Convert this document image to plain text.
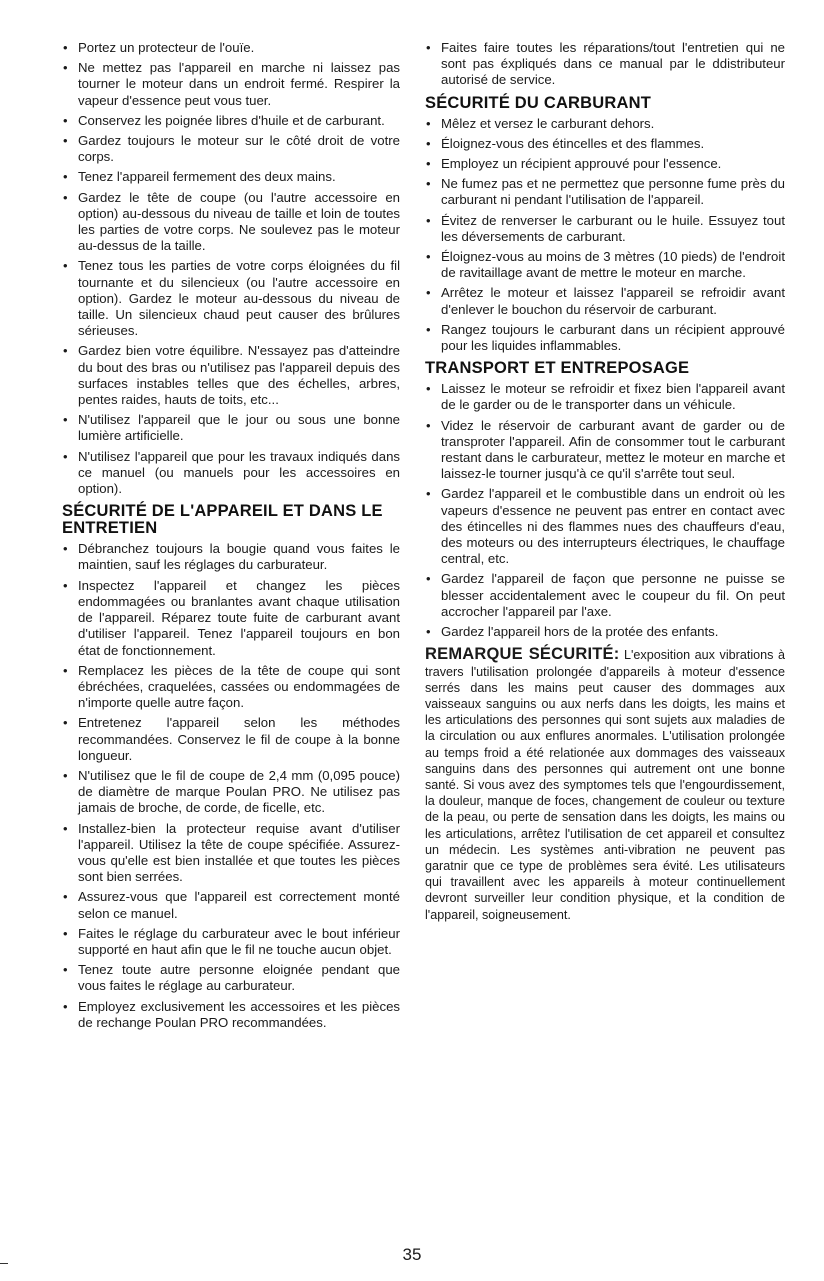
• Portez un protecteur de l'ouïe.
• Ne mettez pas l'appareil en marche ni laissez pas tourner le moteur dans un endroit fermé. Respirer la vapeur d'essence peut vous tuer.
• Conservez les poignée libres d'huile et de carburant.
• Gardez toujours le moteur sur le côté droit de votre corps.
• Tenez l'appareil fermement des deux mains.
• Gardez le tête de coupe (ou l'autre accessoire en option) au-dessous du niveau de taille et loin de toutes les parties de votre corps. Ne soulevez pas le moteur au-dessus de la taille.
• Tenez tous les parties de votre corps éloignées du fil tournante et du silencieux (ou l'autre accessoire en option). Gardez le moteur au-dessous du niveau de taille. Un silencieux chaud peut causer des brûlures sérieuses.
• Gardez bien votre équilibre. N'essayez pas d'atteindre du bout des bras ou n'utilisez pas l'appareil depuis des surfaces instables telles que des échelles, arbres, pentes raides, hauts de toits, etc...
• N'utilisez l'appareil que le jour ou sous une bonne lumière artificielle.
• N'utilisez l'appareil que pour les travaux indiqués dans ce manuel (ou manuels pour les accessoires en option).
SÉCURITÉ DE L'APPAREIL ET DANS LE ENTRETIEN
• Débranchez toujours la bougie quand vous faites le maintien, sauf les réglages du carburateur.
• Inspectez l'appareil et changez les pièces endommagées ou branlantes avant chaque utilisation de l'appareil. Réparez toute fuite de carburant avant d'utiliser l'appareil. Tenez l'appareil toujours en bon état de fonctionnement.
• Remplacez les pièces de la tête de coupe qui sont ébréchées, craquelées, cassées ou endommagées de n'importe quelle autre façon.
• Entretenez l'appareil selon les méthodes recommandées. Conservez le fil de coupe à la bonne longueur.
• N'utilisez que le fil de coupe de 2,4 mm (0,095 pouce) de diamètre de marque Poulan PRO. Ne utilisez pas jamais de broche, de corde, de ficelle, etc.
• Installez-bien la protecteur requise avant d'utiliser l'appareil. Utilisez la tête de coupe spécifiée. Assurez-vous qu'elle est bien installée et que toutes les pièces sont bien serrées.
• Assurez-vous que l'appareil est correctement monté selon ce manuel.
• Faites le réglage du carburateur avec le bout inférieur supporté en haut afin que le fil ne touche aucun objet.
• Tenez toute autre personne eloignée pendant que vous faites le réglage au carburateur.
• Employez exclusivement les accessoires et les pièces de rechange Poulan PRO recommandées.
• Faites faire toutes les réparations/tout l'entretien qui ne sont pas éxpliqués dans ce manual par le ddistributeur autorisé de service.
SÉCURITÉ DU CARBURANT
• Mêlez et versez le carburant dehors.
• Éloignez-vous des étincelles et des flammes.
• Employez un récipient approuvé pour l'essence.
• Ne fumez pas et ne permettez que personne fume près du carburant ni pendant l'utilisation de l'appareil.
• Évitez de renverser le carburant ou le huile. Essuyez tout les déversements de carburant.
• Éloignez-vous au moins de 3 mètres (10 pieds) de l'endroit de ravitaillage avant de mettre le moteur en marche.
• Arrêtez le moteur et laissez l'appareil se refroidir avant d'enlever le bouchon du réservoir de carburant.
• Rangez toujours le carburant dans un récipient approuvé pour les liquides inflammables.
TRANSPORT ET ENTREPOSAGE
• Laissez le moteur se refroidir et fixez bien l'appareil avant de le garder ou de le transporter dans un véhicule.
• Videz le réservoir de carburant avant de garder ou de transproter l'appareil. Afin de consommer tout le carburant restant dans le carburateur, mettez le moteur en marche et laissez-le tourner jusqu'à ce qu'il s'arrête tout seul.
• Gardez l'appareil et le combustible dans un endroit où les vapeurs d'essence ne peuvent pas entrer en contact avec des étincelles ni des flammes nues des chauffeurs d'eau, des moteurs ou des interrupteurs électriques, le chauffage central, etc.
• Gardez l'appareil de façon que personne ne puisse se blesser accidentalement avec le coupeur du fil. On peut accrocher l'appareil par l'axe.
• Gardez l'appareil hors de la protée des enfants.

REMARQUE SÉCURITÉ: L'exposition aux vibrations à travers l'utilisation prolongée d'appareils à moteur d'essence serrés dans les mains peut causer des dommages aux vaisseaux sanguins ou aux nerfs dans les doigts, les mains et les articulations des personnes qui sont sujets aux maladies de la circulation ou aux enflures anormales. L'utilisation prolongée au temps froid a été relationée aux dommages des vaisseaux sanguins dans des personnes qui autrement ont une bonne santé. Si vous avez des symptomes tels que l'engourdissement, la douleur, manque de foces, changement de couleur ou texture de la peau, ou perte de sensation dans les doigts, les mains ou les articulations, arrêtez l'utilisation de cet appareil et consultez un médecin. Les systèmes anti-vibration ne peuvent pas garatnir que ce type de problèmes sera évité. Les utilisateurs qui travaillent avec les appareils à moteur continuellement devront surveiller leur condition physique, et la condition de l'appareil, soigneusement.

35
